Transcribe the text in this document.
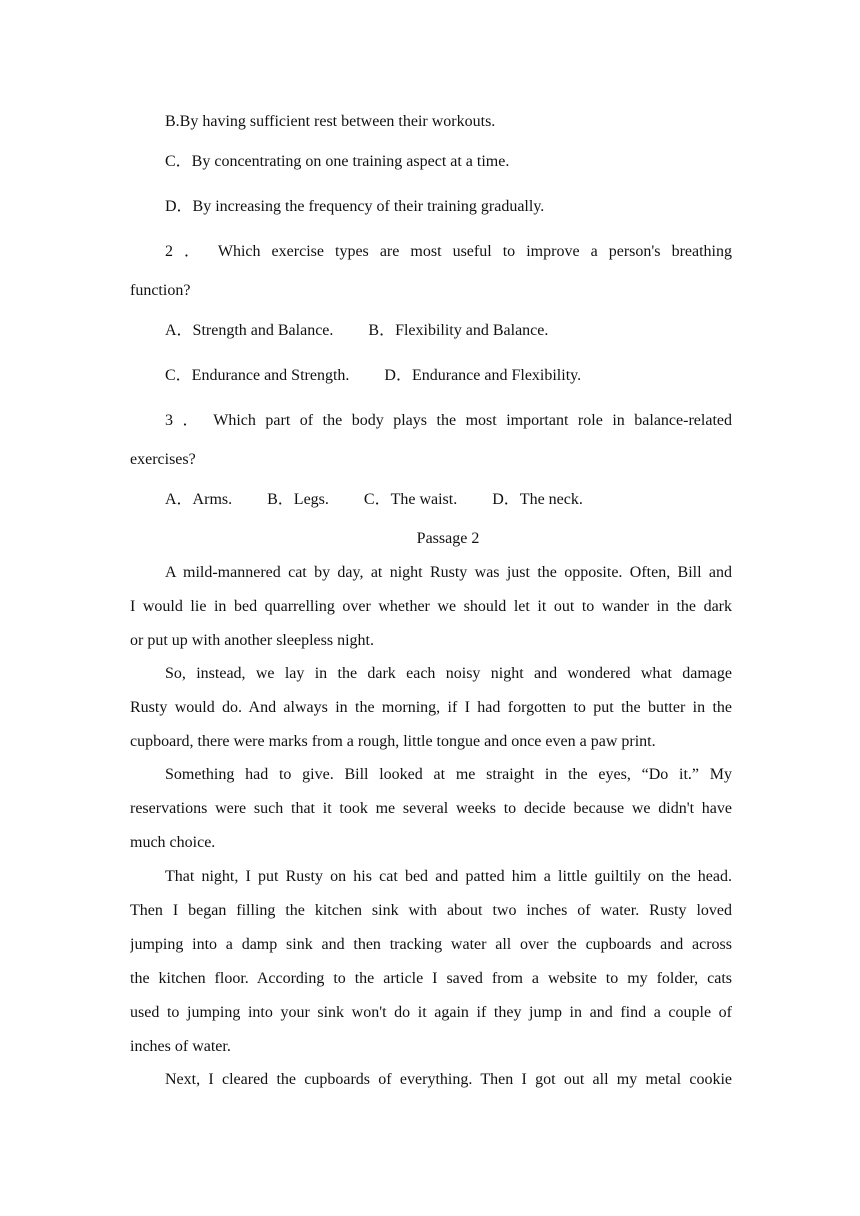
B.By having sufficient rest between their workouts.
C．By concentrating on one training aspect at a time.
D．By increasing the frequency of their training gradually.
2 ． Which exercise types are most useful to improve a person's breathing
function?
A．Strength and Balance. B．Flexibility and Balance.
C．Endurance and Strength. D．Endurance and Flexibility.
3 ． Which part of the body plays the most important role in balance-related
exercises?
A．Arms. B．Legs. C．The waist. D．The neck.
Passage 2
A mild-mannered cat by day, at night Rusty was just the opposite. Often, Bill and
I would lie in bed quarrelling over whether we should let it out to wander in the dark
or put up with another sleepless night.
So, instead, we lay in the dark each noisy night and wondered what damage
Rusty would do. And always in the morning, if I had forgotten to put the butter in the
cupboard, there were marks from a rough, little tongue and once even a paw print.
Something had to give. Bill looked at me straight in the eyes, “Do it.” My
reservations were such that it took me several weeks to decide because we didn't have
much choice.
That night, I put Rusty on his cat bed and patted him a little guiltily on the head.
Then I began filling the kitchen sink with about two inches of water. Rusty loved
jumping into a damp sink and then tracking water all over the cupboards and across
the kitchen floor. According to the article I saved from a website to my folder, cats
used to jumping into your sink won't do it again if they jump in and find a couple of
inches of water.
Next, I cleared the cupboards of everything. Then I got out all my metal cookie
